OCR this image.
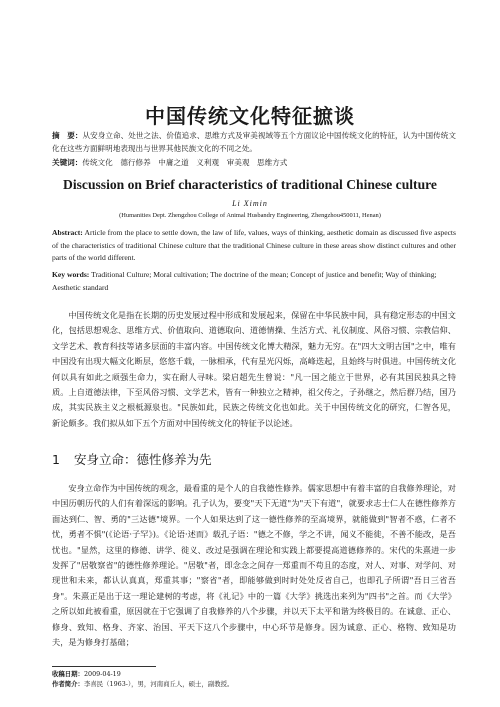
中国传统文化特征摭谈
摘　要：从安身立命、处世之法、价值追求、思维方式及审美视域等五个方面议论中国传统文化的特征，认为中国传统文化在这些方面鲜明地表现出与世界其他民族文化的不同之处。
关键词：传统文化　德行修养　中庸之道　义利观　审美观　思维方式
Discussion on Brief characteristics of traditional Chinese culture
Li Ximin
(Humanities Dept. Zhengzhou College of Animal Husbandry Engineering, Zhengzhou450011, Henan)
Abstract: Article from the place to settle down, the law of life, values, ways of thinking, aesthetic domain as discussed five aspects of the characteristics of traditional Chinese culture that the traditional Chinese culture in these areas show distinct cultures and other parts of the world different.
Key words: Traditional Culture; Moral cultivation; The doctrine of the mean; Concept of justice and benefit; Way of thinking; Aesthetic standard

中国传统文化是指在长期的历史发展过程中形成和发展起来，保留在中华民族中间，具有稳定形态的中国文化，包括思想观念、思维方式、价值取向、道德取向、道德情操、生活方式、礼仪制度、风俗习惯、宗教信仰、文学艺术、教育科技等诸多层面的丰富内容。中国传统文化博大精深，魅力无穷。在"四大文明古国"之中，唯有中国没有出现大幅文化断层，悠悠千载，一脉相承，代有星光闪烁，高峰迭起，且始终与时俱进。中国传统文化何以具有如此之顽强生命力，实在耐人寻味。梁启超先生曾说："凡一国之能立于世界，必有其国民独具之特质。上自道德法律，下至风俗习惯、文学艺术，皆有一种独立之精神，祖父传之，子孙继之，然后群乃结，国乃成，其实民族主义之根柢源泉也。"民族如此，民族之传统文化也如此。关于中国传统文化的研究，仁智各见，新论颇多。我们拟从如下五个方面对中国传统文化的特征予以论述。

1 安身立命：德性修养为先

安身立命作为中国传统的观念，最看重的是个人的自我德性修养。儒家思想中有着丰富的自我修养理论，对中国历朝历代的人们有着深远的影响。孔子认为，要变"天下无道"为"天下有道"，就要求志士仁人在德性修养方面达到仁、智、勇的"三达德"境界。一个人如果达到了这一德性修养的至高境界，就能做到"智者不惑，仁者不忧，勇者不惧"(《论语·子罕》)。《论语·述而》载孔子语："德之不修，学之不讲，闻义不能徙，不善不能改，是吾忧也。"显然，这里的修德、讲学、徙义、改过是强调在理论和实践上都要提高道德修养的。宋代的朱熹进一步发挥了"居敬察省"的德性修养理论。"居敬"者，即念念之间存一郑重而不苟且的态度，对人、对事、对学问、对现世和未来，都认认真真，郑重其事；"察省"者，即能够做到时时处处反省自己，也即孔子所谓"吾日三省吾身"。朱熹正是出于这一理论建树的考虑，将《礼记》中的一篇《大学》挑选出来列为"四书"之首。而《大学》之所以如此被看重，原因就在于它强调了自我修养的八个步骤，并以天下太平和谐为终极目的。在诚意、正心、修身、致知、格身、齐家、治国、平天下这八个步骤中，中心环节是修身。因为诚意、正心、格物、致知是功夫，是为修身打基础；

收稿日期：2009-04-19
作者简介：李喜民（1963-），男，河南商丘人，硕士，副教授。
